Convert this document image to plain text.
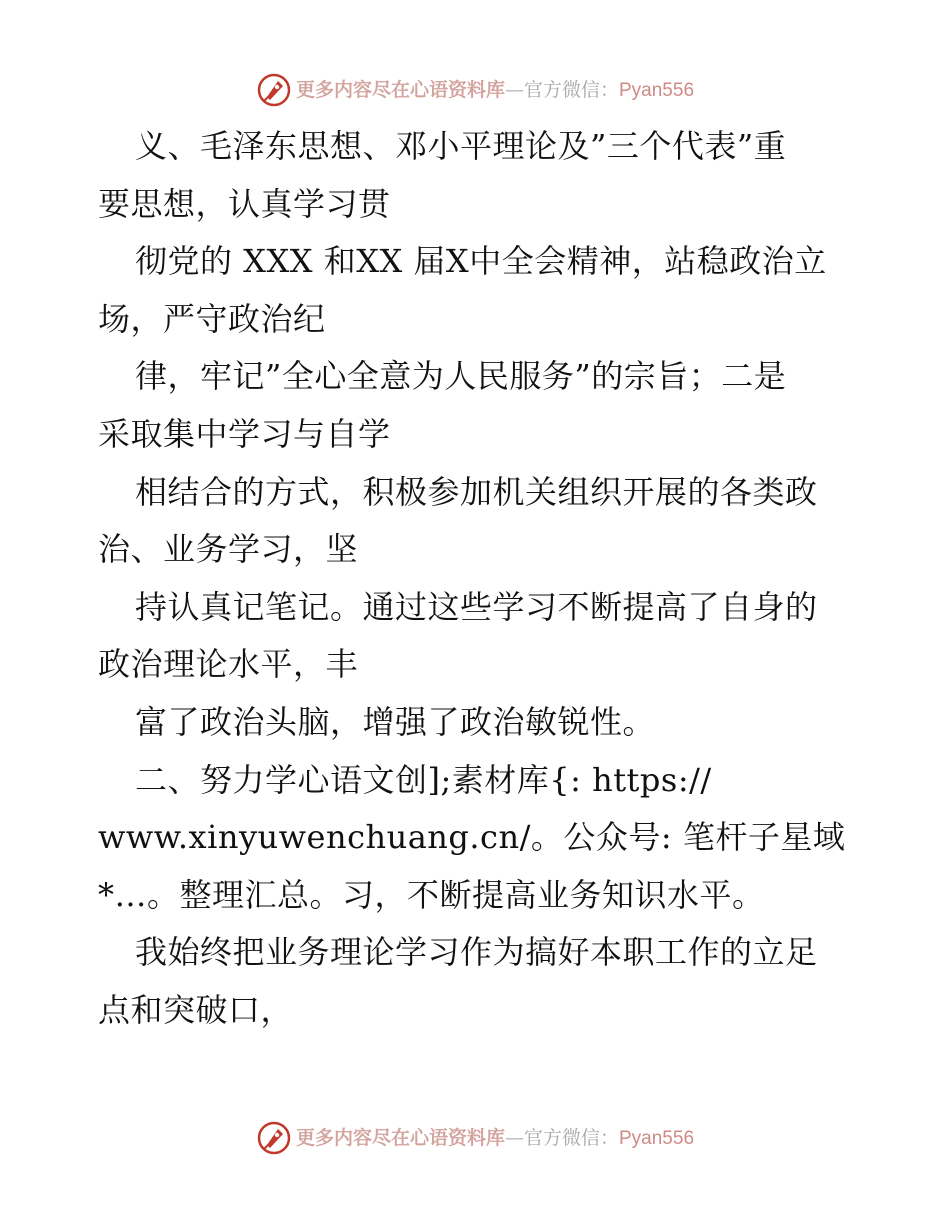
更多内容尽在心语资料库—官方微信：Pyan556
义、毛泽东思想、邓小平理论及”三个代表”重
要思想，认真学习贯
彻党的 XXX 和XX 届X中全会精神，站稳政治立
场，严守政治纪
律，牢记”全心全意为人民服务”的宗旨；二是
采取集中学习与自学
相结合的方式，积极参加机关组织开展的各类政
治、业务学习，坚
持认真记笔记。通过这些学习不断提高了自身的
政治理论水平，丰
富了政治头脑，增强了政治敏锐性。
二、努力学心语文创];素材库{: https://
www.xinyuwenchuang.cn/。公众号: 笔杆子星域
*…。整理汇总。习，不断提高业务知识水平。
我始终把业务理论学习作为搞好本职工作的立足
点和突破口，
更多内容尽在心语资料库—官方微信：Pyan556
